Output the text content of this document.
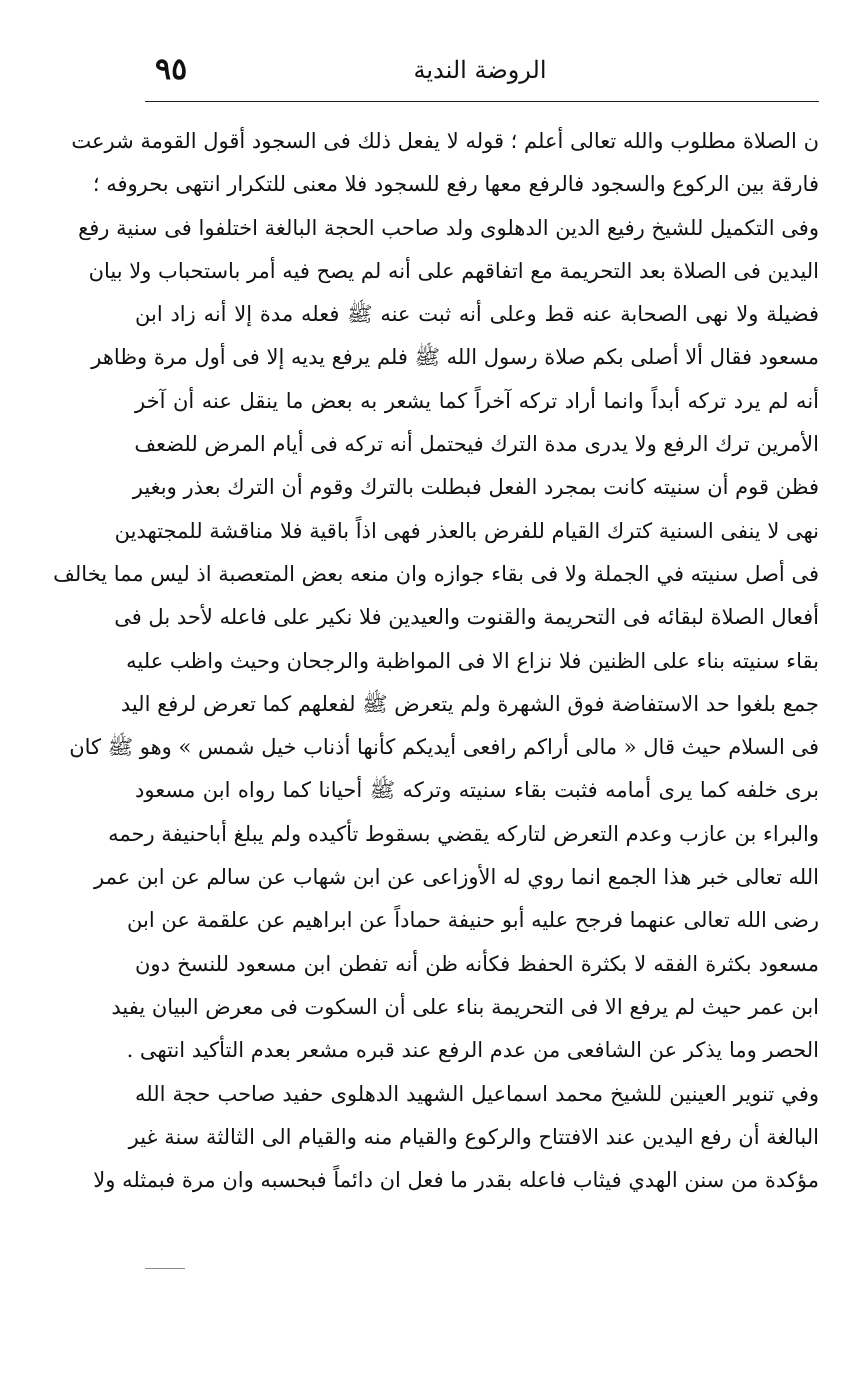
٩٥	الروضة الندية
ن الصلاة مطلوب والله تعالى أعلم ؛ قوله لا يفعل ذلك فى السجود أقول القومة شرعت
فارقة بين الركوع والسجود فالرفع معها رفع للسجود فلا معنى للتكرار انتهى بحروفه ؛
وفى التكميل للشيخ رفيع الدين الدهلوى ولد صاحب الحجة البالغة اختلفوا فى سنية رفع
اليدين فى الصلاة بعد التحريمة مع اتفاقهم على أنه لم يصح فيه أمر باستحباب ولا بيان
فضيلة ولا نهى الصحابة عنه قط وعلى أنه ثبت عنه ﷺ فعله مدة إلا أنه زاد ابن
مسعود فقال ألا أصلى بكم صلاة رسول الله ﷺ فلم يرفع يديه إلا فى أول مرة وظاهر
أنه لم يرد تركه أبداً وانما أراد تركه آخراً كما يشعر به بعض ما ينقل عنه أن آخر
الأمرين ترك الرفع ولا يدرى مدة الترك فيحتمل أنه تركه فى أيام المرض للضعف
فظن قوم أن سنيته كانت بمجرد الفعل فبطلت بالترك وقوم أن الترك بعذر وبغير
نهى لا ينفى السنية كترك القيام للفرض بالعذر فهى اذاً باقية فلا مناقشة للمجتهدين
فى أصل سنيته في الجملة ولا فى بقاء جوازه وان منعه بعض المتعصبة اذ ليس مما يخالف
أفعال الصلاة لبقائه فى التحريمة والقنوت والعيدين فلا نكير على فاعله لأحد بل فى
بقاء سنيته بناء على الظنين فلا نزاع الا فى المواظبة والرجحان وحيث واظب عليه
جمع بلغوا حد الاستفاضة فوق الشهرة ولم يتعرض ﷺ لفعلهم كما تعرض لرفع اليد
فى السلام حيث قال « مالى أراكم رافعى أيديكم كأنها أذناب خيل شمس » وهو ﷺ كان
برى خلفه كما يرى أمامه فثبت بقاء سنيته وتركه ﷺ أحيانا كما رواه ابن مسعود
والبراء بن عازب وعدم التعرض لتاركه يقضي بسقوط تأكيده ولم يبلغ أباحنيفة رحمه
الله تعالى خبر هذا الجمع انما روي له الأوزاعى عن ابن شهاب عن سالم عن ابن عمر
رضى الله تعالى عنهما فرجح عليه أبو حنيفة حماداً عن ابراهيم عن علقمة عن ابن
مسعود بكثرة الفقه لا بكثرة الحفظ فكأنه ظن أنه تفطن ابن مسعود للنسخ دون
ابن عمر حيث لم يرفع الا فى التحريمة بناء على أن السكوت فى معرض البيان يفيد
الحصر وما يذكر عن الشافعى من عدم الرفع عند قبره مشعر بعدم التأكيد انتهى .
وفي تنوير العينين للشيخ محمد اسماعيل الشهيد الدهلوى حفيد صاحب حجة الله
البالغة أن رفع اليدين عند الافتتاح والركوع والقيام منه والقيام الى الثالثة سنة غير
مؤكدة من سنن الهدي فيثاب فاعله بقدر ما فعل ان دائماً فبحسبه وان مرة فبمثله ولا
